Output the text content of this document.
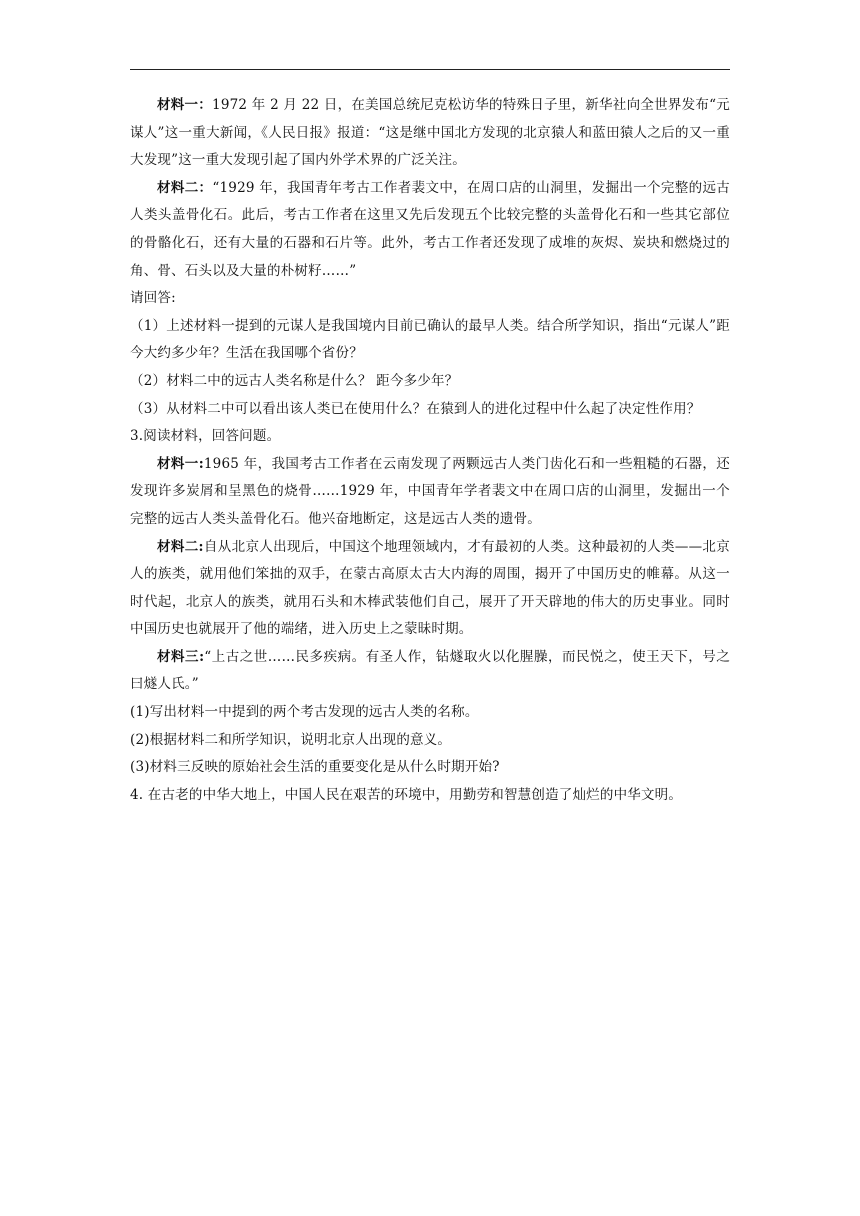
材料一：1972 年 2 月 22 日，在美国总统尼克松访华的特殊日子里，新华社向全世界发布“元谋人”这一重大新闻，《人民日报》报道：“这是继中国北方发现的北京猿人和蓝田猿人之后的又一重大发现”这一重大发现引起了国内外学术界的广泛关注。

材料二：“1929 年，我国青年考古工作者裴文中，在周口店的山洞里，发掘出一个完整的远古人类头盖骨化石。此后，考古工作者在这里又先后发现五个比较完整的头盖骨化石和一些其它部位的骨骼化石，还有大量的石器和石片等。此外，考古工作者还发现了成堆的灰烬、炭块和燃烧过的角、骨、石头以及大量的朴树籽……”

请回答:

（1）上述材料一提到的元谋人是我国境内目前已确认的最早人类。结合所学知识，指出“元谋人”距今大约多少年？生活在我国哪个省份？

（2）材料二中的远古人类名称是什么？ 距今多少年？

（3）从材料二中可以看出该人类已在使用什么？在猿到人的进化过程中什么起了决定性作用？

3.阅读材料，回答问题。

材料一:1965 年，我国考古工作者在云南发现了两颗远古人类门齿化石和一些粗糙的石器，还发现许多炭屑和呈黑色的烧骨……1929 年，中国青年学者裴文中在周口店的山洞里，发掘出一个完整的远古人类头盖骨化石。他兴奋地断定，这是远古人类的遗骨。

材料二:自从北京人出现后，中国这个地理领域内，才有最初的人类。这种最初的人类——北京人的族类，就用他们笨拙的双手，在蒙古高原太古大内海的周围，揭开了中国历史的帷幕。从这一时代起，北京人的族类，就用石头和木棒武装他们自己，展开了开天辟地的伟大的历史事业。同时中国历史也就展开了他的端绪，进入历史上之蒙昧时期。

材料三:“上古之世……民多疾病。有圣人作，钻燧取火以化腥臊，而民悦之，使王天下，号之曰燧人氏。”

(1)写出材料一中提到的两个考古发现的远古人类的名称。

(2)根据材料二和所学知识，说明北京人出现的意义。

(3)材料三反映的原始社会生活的重要变化是从什么时期开始?

4. 在古老的中华大地上，中国人民在艰苦的环境中，用勤劳和智慧创造了灿烂的中华文明。
